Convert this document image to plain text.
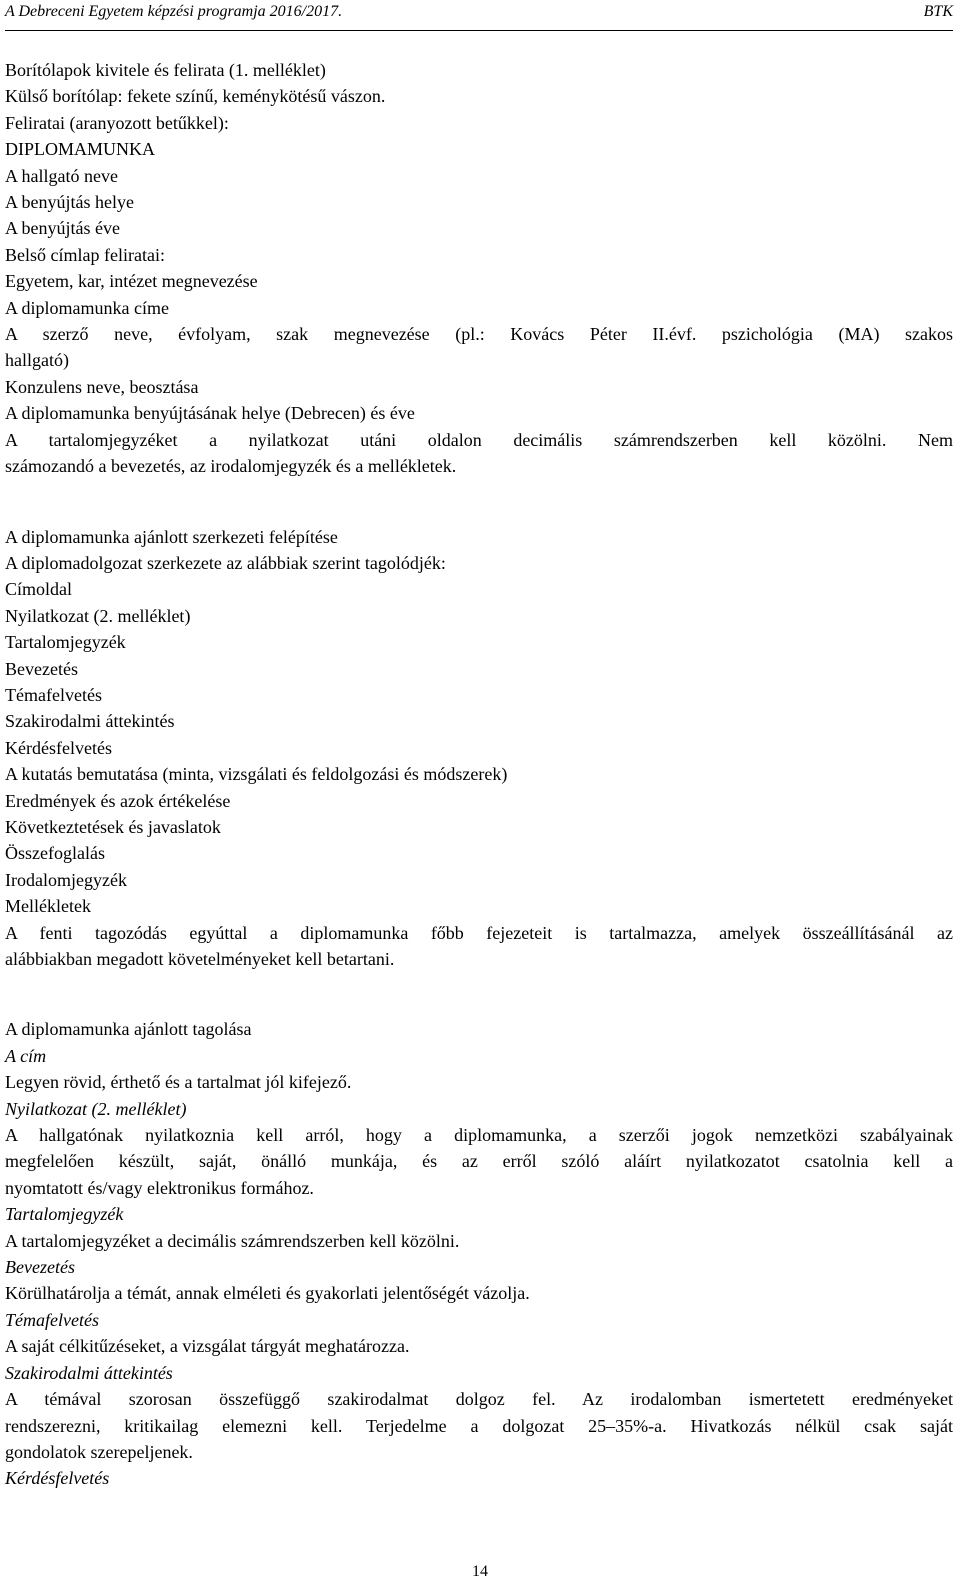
A Debreceni Egyetem képzési programja 2016/2017.	BTK

Borítólapok kivitele és felirata (1. melléklet)

Külső borítólap: fekete színű, keménykötésű vászon.

Feliratai (aranyozott betűkkel):

DIPLOMAMUNKA

A hallgató neve

A benyújtás helye

A benyújtás éve

Belső címlap feliratai:

Egyetem, kar, intézet megnevezése

A diplomamunka címe

A szerző neve, évfolyam, szak megnevezése (pl.: Kovács Péter II.évf. pszichológia (MA) szakos

hallgató)

Konzulens neve, beosztása

A diplomamunka benyújtásának helye (Debrecen) és éve

A tartalomjegyzéket a nyilatkozat utáni oldalon decimális számrendszerben kell közölni. Nem

számozandó a bevezetés, az irodalomjegyzék és a mellékletek.

A diplomamunka ajánlott szerkezeti felépítése

A diplomadolgozat szerkezete az alábbiak szerint tagolódjék:

Címoldal

Nyilatkozat (2. melléklet)

Tartalomjegyzék

Bevezetés

Témafelvetés

Szakirodalmi áttekintés

Kérdésfelvetés

A kutatás bemutatása (minta, vizsgálati és feldolgozási és módszerek)

Eredmények és azok értékelése

Következtetések és javaslatok

Összefoglalás

Irodalomjegyzék

Mellékletek

A fenti tagozódás egyúttal a diplomamunka főbb fejezeteit is tartalmazza, amelyek összeállításánál az

alábbiakban megadott követelményeket kell betartani.

A diplomamunka ajánlott tagolása

A cím

Legyen rövid, érthető és a tartalmat jól kifejező.

Nyilatkozat (2. melléklet)

A hallgatónak nyilatkoznia kell arról, hogy a diplomamunka, a szerzői jogok nemzetközi szabályainak

megfelelően készült, saját, önálló munkája, és az erről szóló aláírt nyilatkozatot csatolnia kell a

nyomtatott és/vagy elektronikus formához.

Tartalomjegyzék

A tartalomjegyzéket a decimális számrendszerben kell közölni.

Bevezetés

Körülhatárolja a témát, annak elméleti és gyakorlati jelentőségét vázolja.

Témafelvetés

A saját célkitűzéseket, a vizsgálat tárgyát meghatározza.

Szakirodalmi áttekintés

A témával szorosan összefüggő szakirodalmat dolgoz fel. Az irodalomban ismertetett eredményeket

rendszerezni, kritikailag elemezni kell. Terjedelme a dolgozat 25–35%-a. Hivatkozás nélkül csak saját

gondolatok szerepeljenek.

Kérdésfelvetés

14
